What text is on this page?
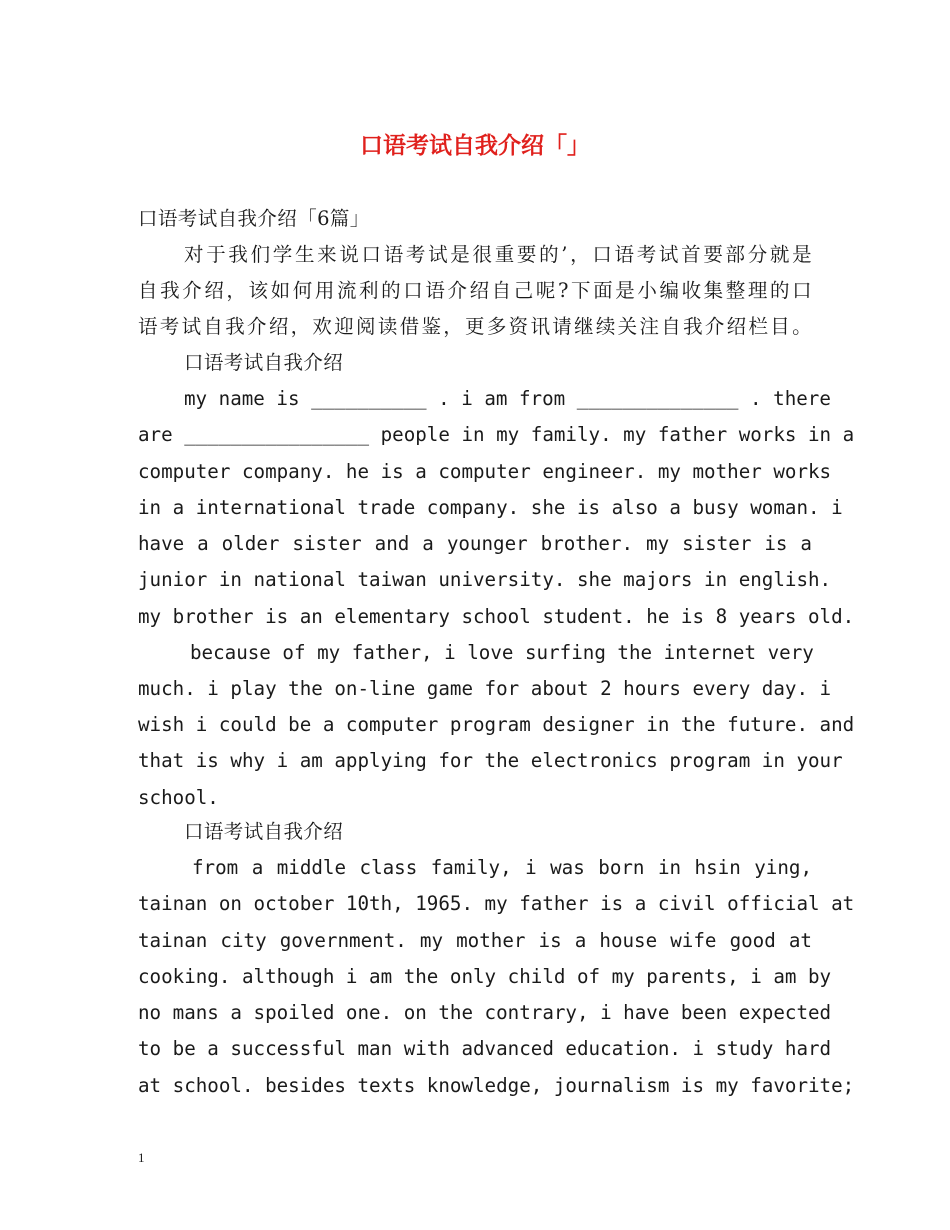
口语考试自我介绍「」
口语考试自我介绍「6篇」
对于我们学生来说口语考试是很重要的’，口语考试首要部分就是
自我介绍，该如何用流利的口语介绍自己呢?下面是小编收集整理的口
语考试自我介绍，欢迎阅读借鉴，更多资讯请继续关注自我介绍栏目。
口语考试自我介绍
my name is __________ . i am from ______________ . there
are ________________ people in my family. my father works in a
computer company. he is a computer engineer. my mother works
in a international trade company. she is also a busy woman. i
have a older sister and a younger brother. my sister is a
junior in national taiwan university. she majors in english.
my brother is an elementary school student. he is 8 years old.
because of my father, i love surfing the internet very
much. i play the on-line game for about 2 hours every day. i
wish i could be a computer program designer in the future. and
that is why i am applying for the electronics program in your
school.
口语考试自我介绍
from a middle class family, i was born in hsin ying,
tainan on october 10th, 1965. my father is a civil official at
tainan city government. my mother is a house wife good at
cooking. although i am the only child of my parents, i am by
no mans a spoiled one. on the contrary, i have been expected
to be a successful man with advanced education. i study hard
at school. besides texts knowledge, journalism is my favorite;
1
